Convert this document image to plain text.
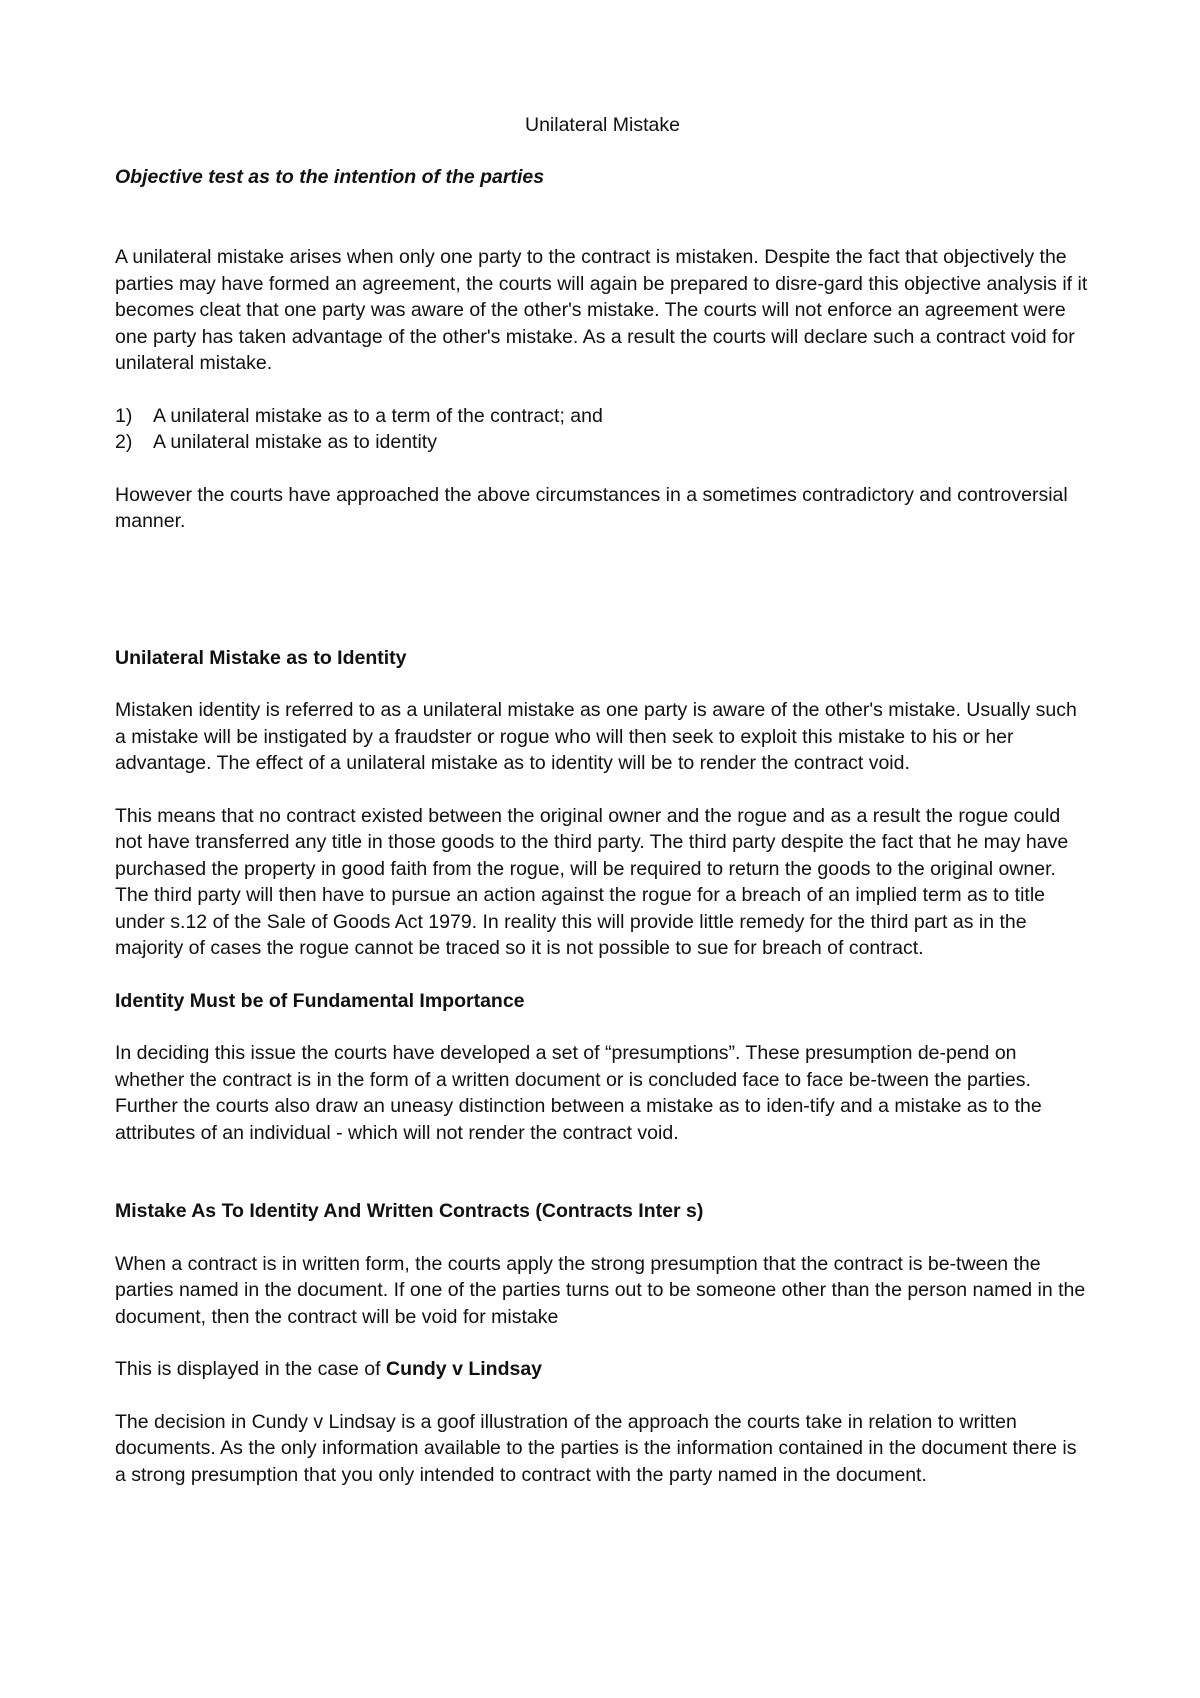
Unilateral Mistake

Objective test as to the intention of the parties

A unilateral mistake arises when only one party to the contract is mistaken. Despite the fact that objectively the parties may have formed an agreement, the courts will again be prepared to disre-gard this objective analysis if it becomes cleat that one party was aware of the other's mistake. The courts will not enforce an agreement were one party has taken advantage of the other's mistake. As a result the courts will declare such a contract void for unilateral mistake.

1)	A unilateral mistake as to a term of the contract; and
2)	A unilateral mistake as to identity

However the courts have approached the above circumstances in a sometimes contradictory and controversial manner.

Unilateral Mistake as to Identity

Mistaken identity is referred to as a unilateral mistake as one party is aware of the other's mistake. Usually such a mistake will be instigated by a fraudster or rogue who will then seek to exploit this mistake to his or her advantage. The effect of a unilateral mistake as to identity will be to render the contract void.

This means that no contract existed between the original owner and the rogue and as a result the rogue could not have transferred any title in those goods to the third party. The third party despite the fact that he may have purchased the property in good faith from the rogue, will be required to return the goods to the original owner. The third party will then have to pursue an action against the rogue for a breach of an implied term as to title under s.12 of the Sale of Goods Act 1979. In reality this will provide little remedy for the third part as in the majority of cases the rogue cannot be traced so it is not possible to sue for breach of contract.

Identity Must be of Fundamental Importance

In deciding this issue the courts have developed a set of “presumptions”. These presumption de-pend on whether the contract is in the form of a written document or is concluded face to face be-tween the parties. Further the courts also draw an uneasy distinction between a mistake as to iden-tify and a mistake as to the attributes of an individual - which will not render the contract void.

Mistake As To Identity And Written Contracts (Contracts Inter s)

When a contract is in written form, the courts apply the strong presumption that the contract is be-tween the parties named in the document. If one of the parties turns out to be someone other than the person named in the document, then the contract will be void for mistake

This is displayed in the case of Cundy v Lindsay

The decision in Cundy v Lindsay is a goof illustration of the approach the courts take in relation to written documents. As the only information available to the parties is the information contained in the document there is a strong presumption that you only intended to contract with the party named in the document.
